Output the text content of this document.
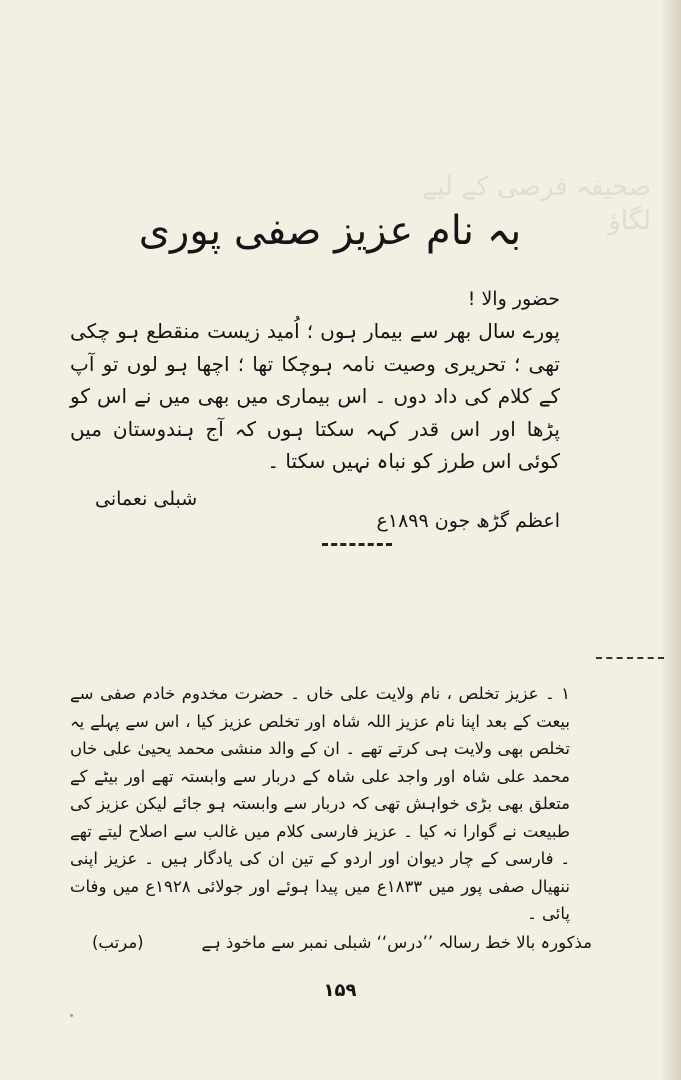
صحیفہ فرضی کے لیے لگاؤ
بہ نام عزیز صفی پوری
حضور والا !
پورے سال بھر سے بیمار ہوں ؛ اُمید زیست منقطع ہو چکی تھی ؛ تحریری وصیت نامہ ہوچکا تھا ؛ اچھا ہو لوں تو آپ کے کلام کی داد دوں ۔ اس بیماری میں بھی میں نے اس کو پڑھا اور اس قدر کہہ سکتا ہوں کہ آج ہندوستان میں کوئی اس طرز کو نباہ نہیں سکتا ۔
شبلی نعمانی
اعظم گڑھ جون ۱۸۹۹ع
۱ ۔ عزیز تخلص ، نام ولایت علی خاں ۔ حضرت مخدوم خادم صفی سے بیعت کے بعد اپنا نام عزیز اللہ شاہ اور تخلص عزیز کیا ، اس سے پہلے یہ تخلص بھی ولایت ہی کرتے تھے ۔ ان کے والد منشی محمد یحییٰ علی خاں محمد علی شاہ اور واجد علی شاہ کے دربار سے وابستہ تھے اور بیٹے کے متعلق بھی بڑی خواہش تھی کہ دربار سے وابستہ ہو جائے لیکن عزیز کی طبیعت نے گوارا نہ کیا ۔ عزیز فارسی کلام میں غالب سے اصلاح لیتے تھے ۔ فارسی کے چار دیوان اور اردو کے تین ان کی یادگار ہیں ۔ عزیز اپنی ننھیال صفی پور میں ۱۸۳۳ع میں پیدا ہوئے اور جولائی ۱۹۲۸ع میں وفات پائی ۔
(مرتب)	مذکورہ بالا خط رسالہ ’’درس‘‘ شبلی نمبر سے ماخوذ ہے
۱۵۹
